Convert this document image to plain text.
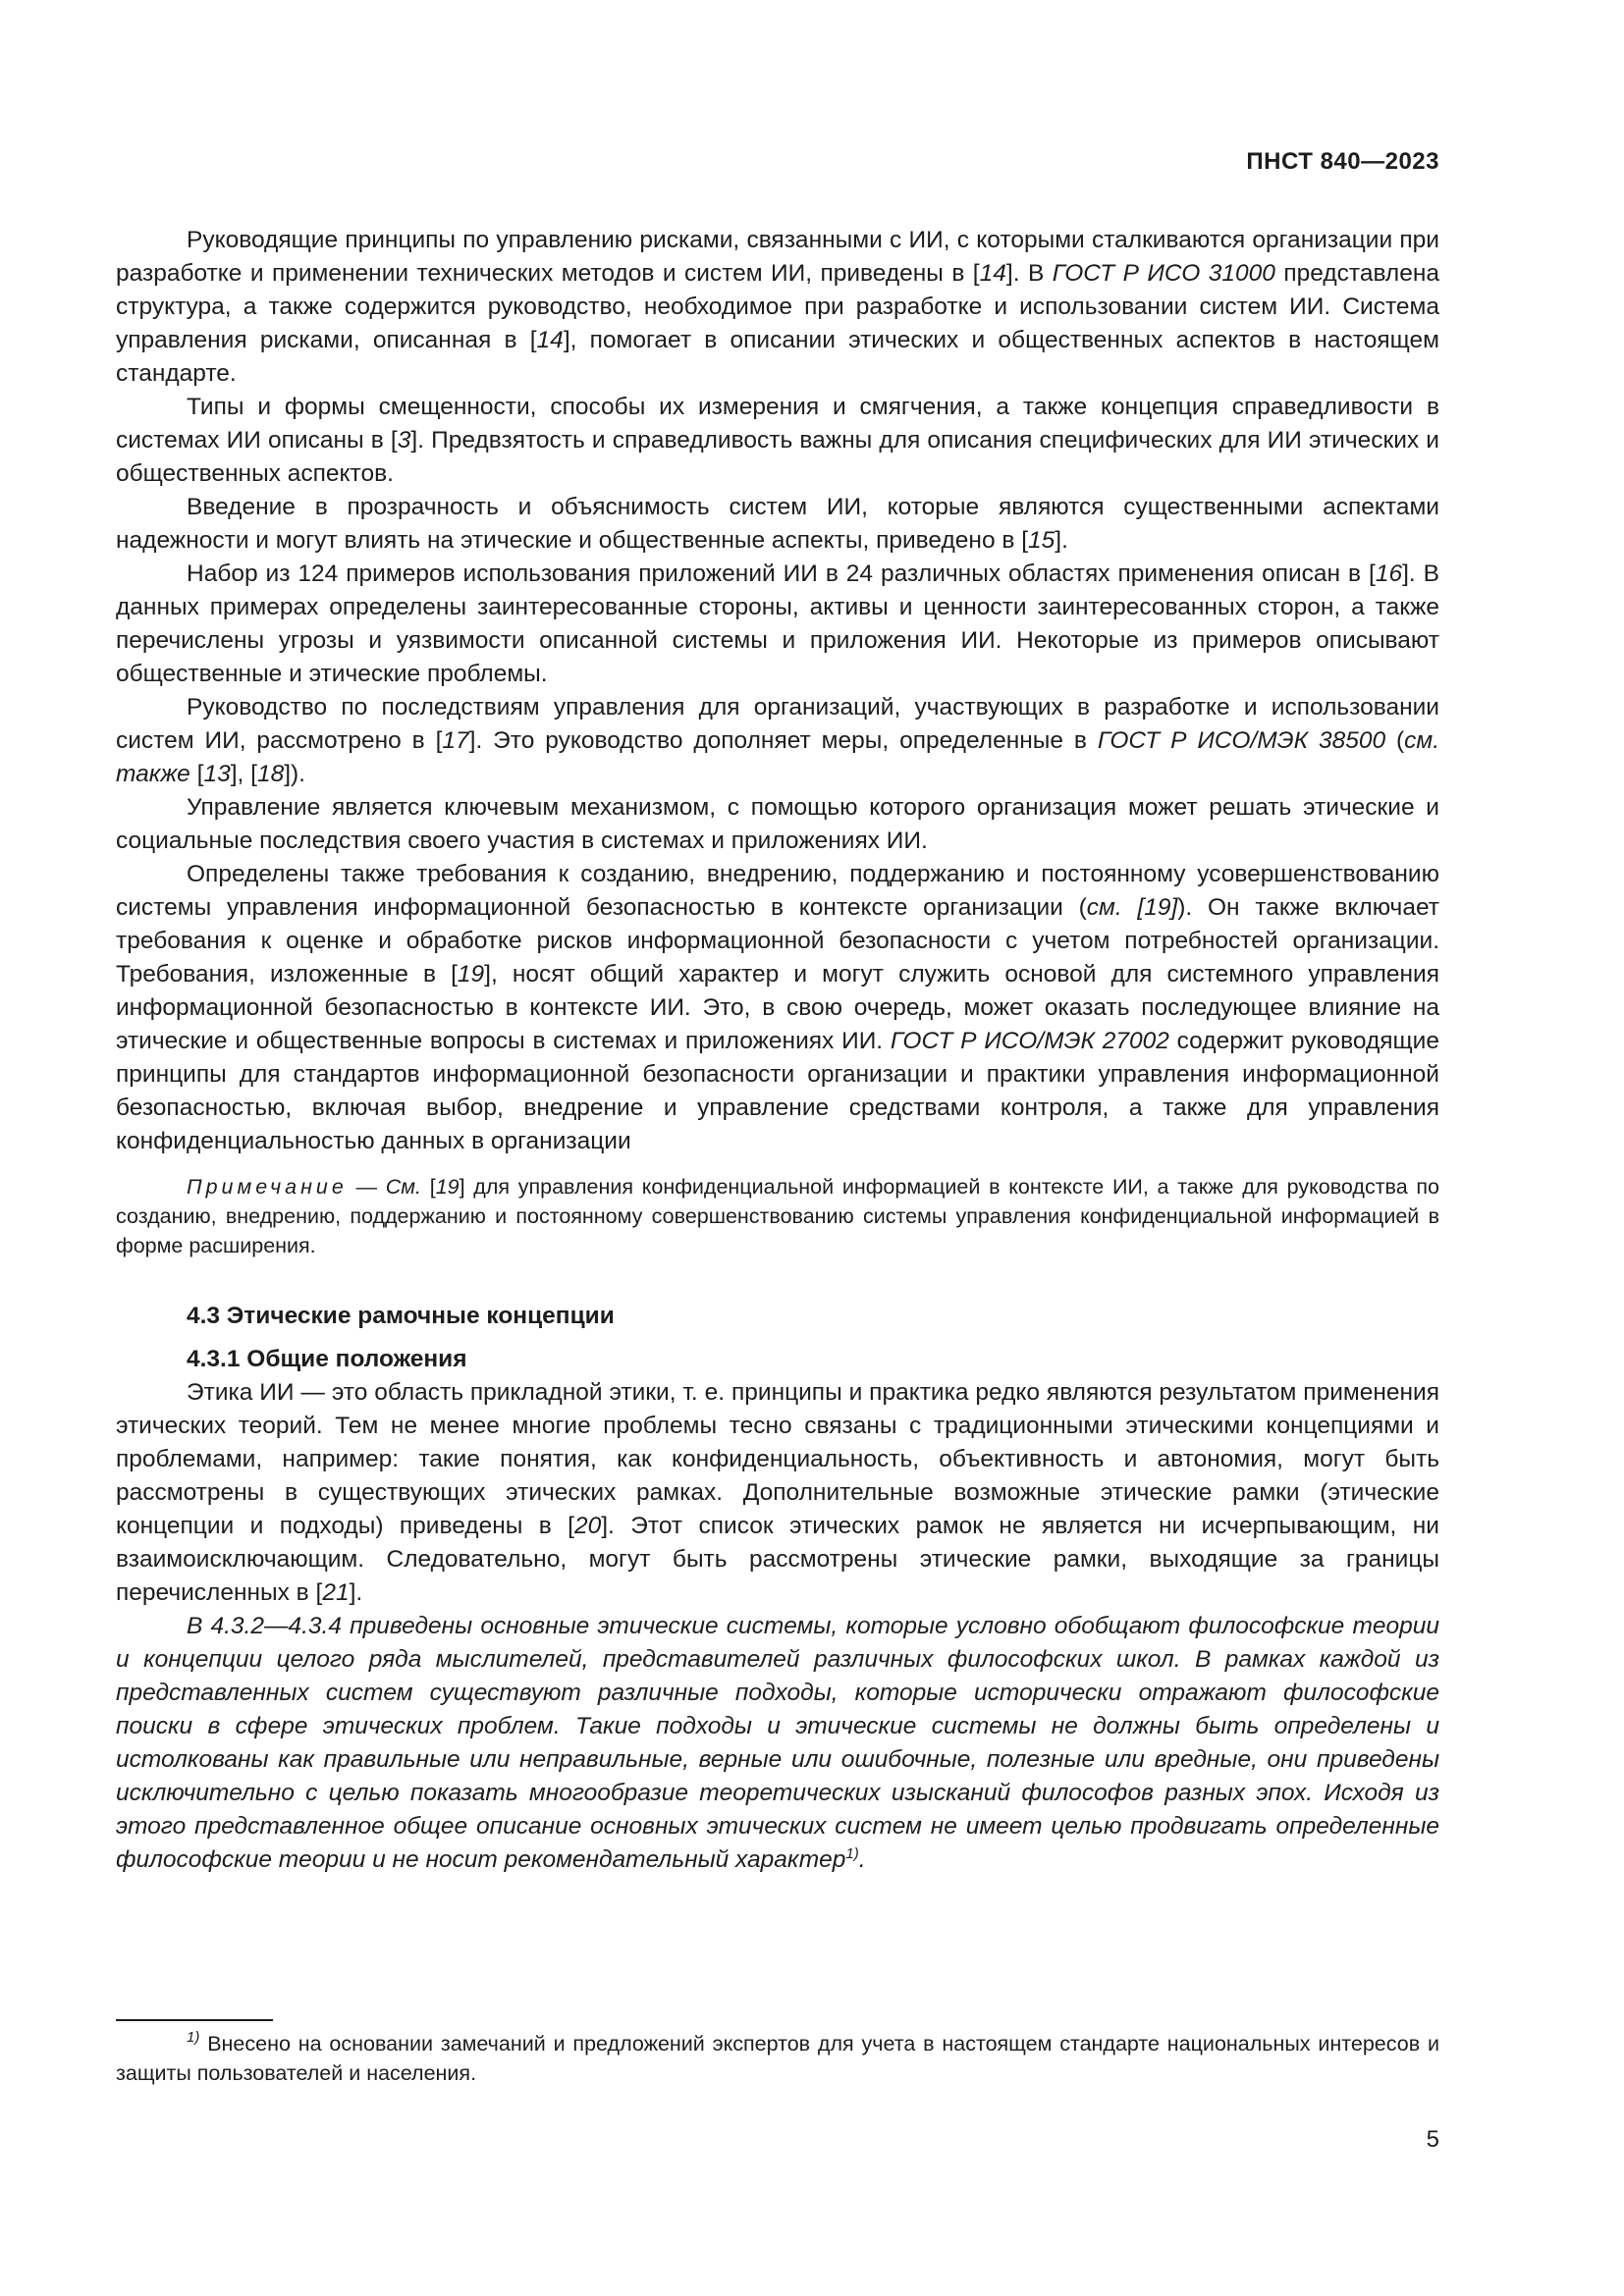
ПНСТ 840—2023

Руководящие принципы по управлению рисками, связанными с ИИ, с которыми сталкиваются организации при разработке и применении технических методов и систем ИИ, приведены в [14]. В ГОСТ Р ИСО 31000 представлена структура, а также содержится руководство, необходимое при разработке и использовании систем ИИ. Система управления рисками, описанная в [14], помогает в описании этических и общественных аспектов в настоящем стандарте.

Типы и формы смещенности, способы их измерения и смягчения, а также концепция справедливости в системах ИИ описаны в [3]. Предвзятость и справедливость важны для описания специфических для ИИ этических и общественных аспектов.

Введение в прозрачность и объяснимость систем ИИ, которые являются существенными аспектами надежности и могут влиять на этические и общественные аспекты, приведено в [15].

Набор из 124 примеров использования приложений ИИ в 24 различных областях применения описан в [16]. В данных примерах определены заинтересованные стороны, активы и ценности заинтересованных сторон, а также перечислены угрозы и уязвимости описанной системы и приложения ИИ. Некоторые из примеров описывают общественные и этические проблемы.

Руководство по последствиям управления для организаций, участвующих в разработке и использовании систем ИИ, рассмотрено в [17]. Это руководство дополняет меры, определенные в ГОСТ Р ИСО/МЭК 38500 (см. также [13], [18]).

Управление является ключевым механизмом, с помощью которого организация может решать этические и социальные последствия своего участия в системах и приложениях ИИ.

Определены также требования к созданию, внедрению, поддержанию и постоянному усовершенствованию системы управления информационной безопасностью в контексте организации (см. [19]). Он также включает требования к оценке и обработке рисков информационной безопасности с учетом потребностей организации. Требования, изложенные в [19], носят общий характер и могут служить основой для системного управления информационной безопасностью в контексте ИИ. Это, в свою очередь, может оказать последующее влияние на этические и общественные вопросы в системах и приложениях ИИ. ГОСТ Р ИСО/МЭК 27002 содержит руководящие принципы для стандартов информационной безопасности организации и практики управления информационной безопасностью, включая выбор, внедрение и управление средствами контроля, а также для управления конфиденциальностью данных в организации

Примечание — См. [19] для управления конфиденциальной информацией в контексте ИИ, а также для руководства по созданию, внедрению, поддержанию и постоянному совершенствованию системы управления конфиденциальной информацией в форме расширения.

4.3 Этические рамочные концепции
4.3.1 Общие положения

Этика ИИ — это область прикладной этики, т. е. принципы и практика редко являются результатом применения этических теорий. Тем не менее многие проблемы тесно связаны с традиционными этическими концепциями и проблемами, например: такие понятия, как конфиденциальность, объективность и автономия, могут быть рассмотрены в существующих этических рамках. Дополнительные возможные этические рамки (этические концепции и подходы) приведены в [20]. Этот список этических рамок не является ни исчерпывающим, ни взаимоисключающим. Следовательно, могут быть рассмотрены этические рамки, выходящие за границы перечисленных в [21].

В 4.3.2—4.3.4 приведены основные этические системы, которые условно обобщают философские теории и концепции целого ряда мыслителей, представителей различных философских школ. В рамках каждой из представленных систем существуют различные подходы, которые исторически отражают философские поиски в сфере этических проблем. Такие подходы и этические системы не должны быть определены и истолкованы как правильные или неправильные, верные или ошибочные, полезные или вредные, они приведены исключительно с целью показать многообразие теоретических изысканий философов разных эпох. Исходя из этого представленное общее описание основных этических систем не имеет целью продвигать определенные философские теории и не носит рекомендательный характер$^{1)}$.

$^{1)}$ Внесено на основании замечаний и предложений экспертов для учета в настоящем стандарте национальных интересов и защиты пользователей и населения.
5
